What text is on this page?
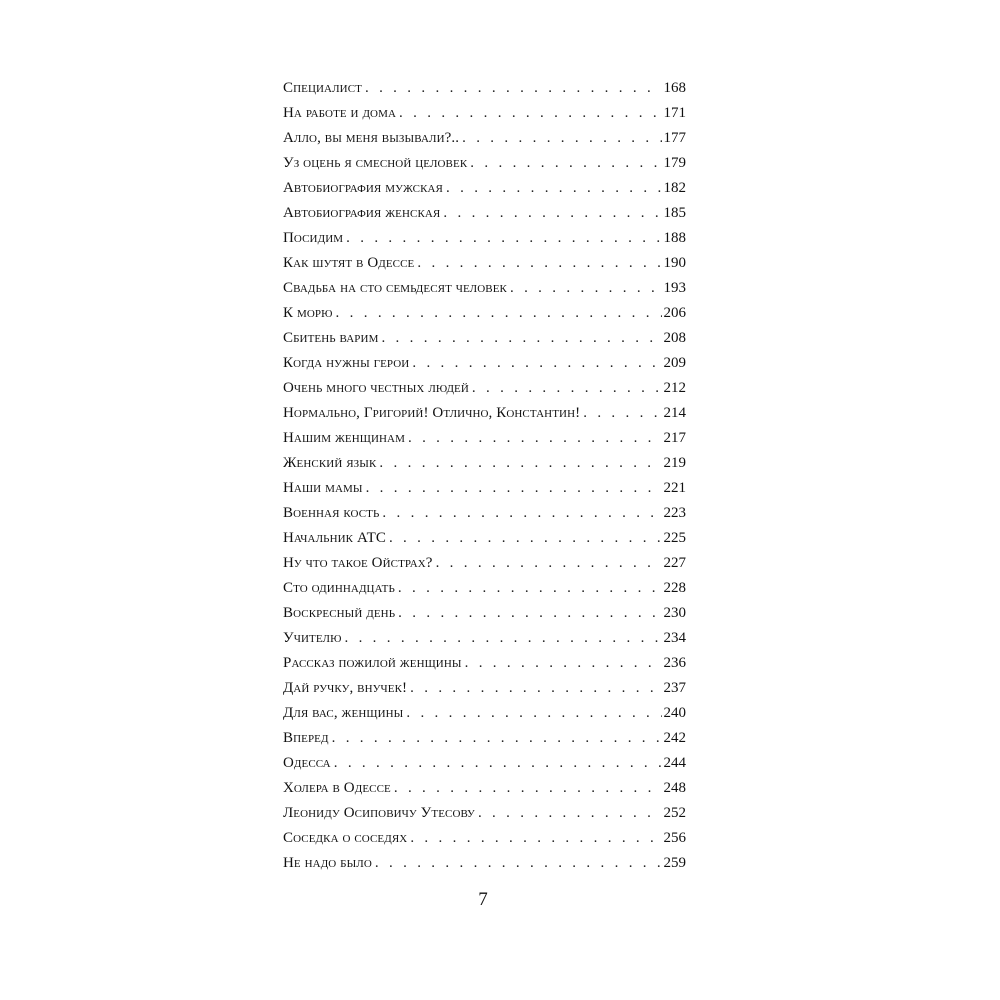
Специалист . . .	168
На работе и дома . . .	171
Алло, вы меня вызывали?.. . . .	177
Уз оцень я смесной целовек . . .	179
Автобиография мужская . . .	182
Автобиография женская . . .	185
Посидим . . .	188
Как шутят в Одессе . . .	190
Свадьба на сто семьдесят человек . . .	193
К морю . . .	206
Сбитень варим . . .	208
Когда нужны герои . . .	209
Очень много честных людей . . .	212
Нормально, Григорий! Отлично, Константин! . . .	214
Нашим женщинам . . .	217
Женский язык . . .	219
Наши мамы . . .	221
Военная кость . . .	223
Начальник АТС . . .	225
Ну что такое Ойстрах? . . .	227
Сто одиннадцать . . .	228
Воскресный день . . .	230
Учителю . . .	234
Рассказ пожилой женщины . . .	236
Дай ручку, внучек! . . .	237
Для вас, женщины . . .	240
Вперед . . .	242
Одесса . . .	244
Холера в Одессе . . .	248
Леониду Осиповичу Утесову . . .	252
Соседка о соседях . . .	256
Не надо было . . .	259
7
